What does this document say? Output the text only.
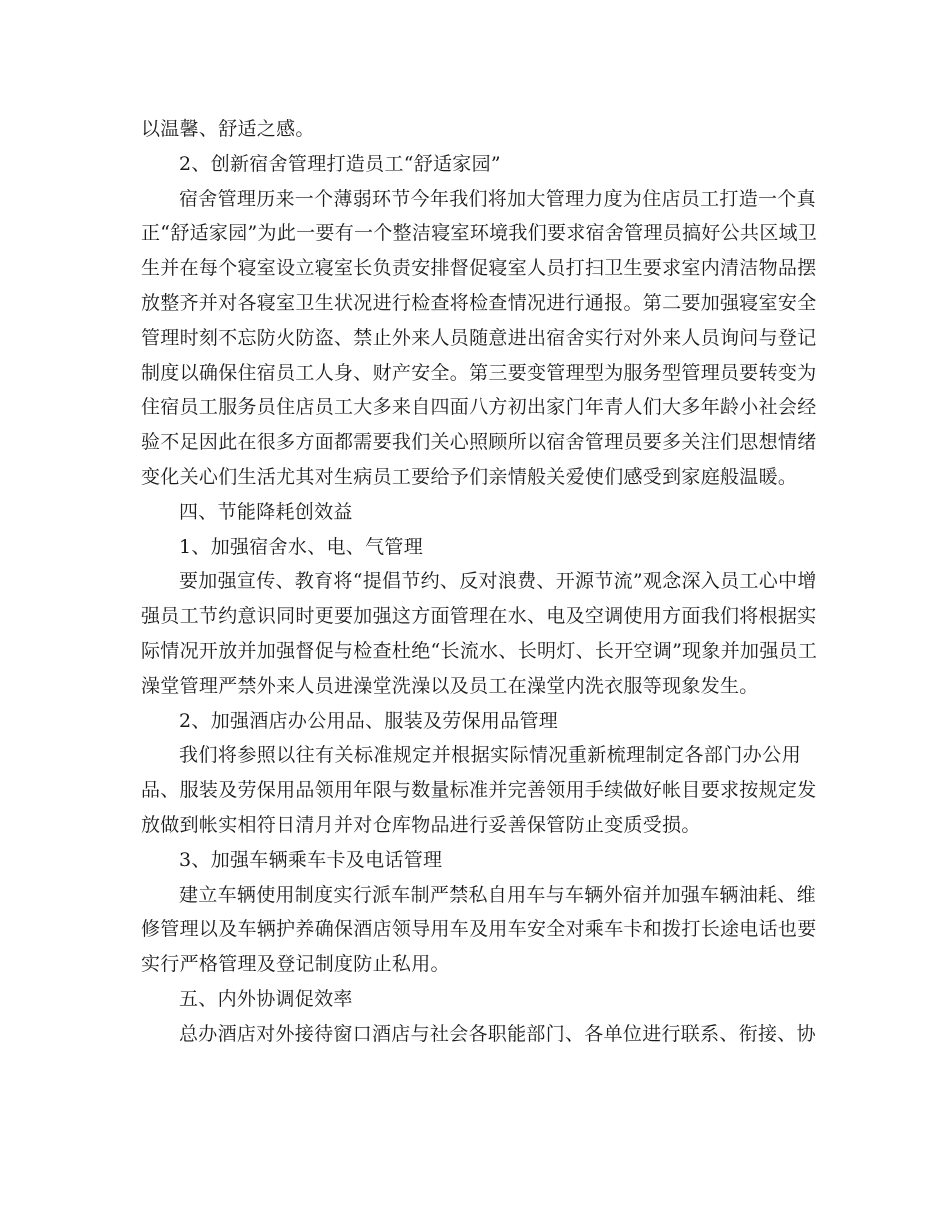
以温馨、舒适之感。
2、创新宿舍管理打造员工“舒适家园”
宿舍管理历来一个薄弱环节今年我们将加大管理力度为住店员工打造一个真
正“舒适家园”为此一要有一个整洁寝室环境我们要求宿舍管理员搞好公共区域卫
生并在每个寝室设立寝室长负责安排督促寝室人员打扫卫生要求室内清洁物品摆
放整齐并对各寝室卫生状况进行检查将检查情况进行通报。第二要加强寝室安全
管理时刻不忘防火防盗、禁止外来人员随意进出宿舍实行对外来人员询问与登记
制度以确保住宿员工人身、财产安全。第三要变管理型为服务型管理员要转变为
住宿员工服务员住店员工大多来自四面八方初出家门年青人们大多年龄小社会经
验不足因此在很多方面都需要我们关心照顾所以宿舍管理员要多关注们思想情绪
变化关心们生活尤其对生病员工要给予们亲情般关爱使们感受到家庭般温暖。
四、节能降耗创效益
1、加强宿舍水、电、气管理
要加强宣传、教育将“提倡节约、反对浪费、开源节流”观念深入员工心中增
强员工节约意识同时更要加强这方面管理在水、电及空调使用方面我们将根据实
际情况开放并加强督促与检查杜绝“长流水、长明灯、长开空调”现象并加强员工
澡堂管理严禁外来人员进澡堂洗澡以及员工在澡堂内洗衣服等现象发生。
2、加强酒店办公用品、服装及劳保用品管理
我们将参照以往有关标准规定并根据实际情况重新梳理制定各部门办公用
品、服装及劳保用品领用年限与数量标准并完善领用手续做好帐目要求按规定发
放做到帐实相符日清月并对仓库物品进行妥善保管防止变质受损。
3、加强车辆乘车卡及电话管理
建立车辆使用制度实行派车制严禁私自用车与车辆外宿并加强车辆油耗、维
修管理以及车辆护养确保酒店领导用车及用车安全对乘车卡和拨打长途电话也要
实行严格管理及登记制度防止私用。
五、内外协调促效率
总办酒店对外接待窗口酒店与社会各职能部门、各单位进行联系、衔接、协
